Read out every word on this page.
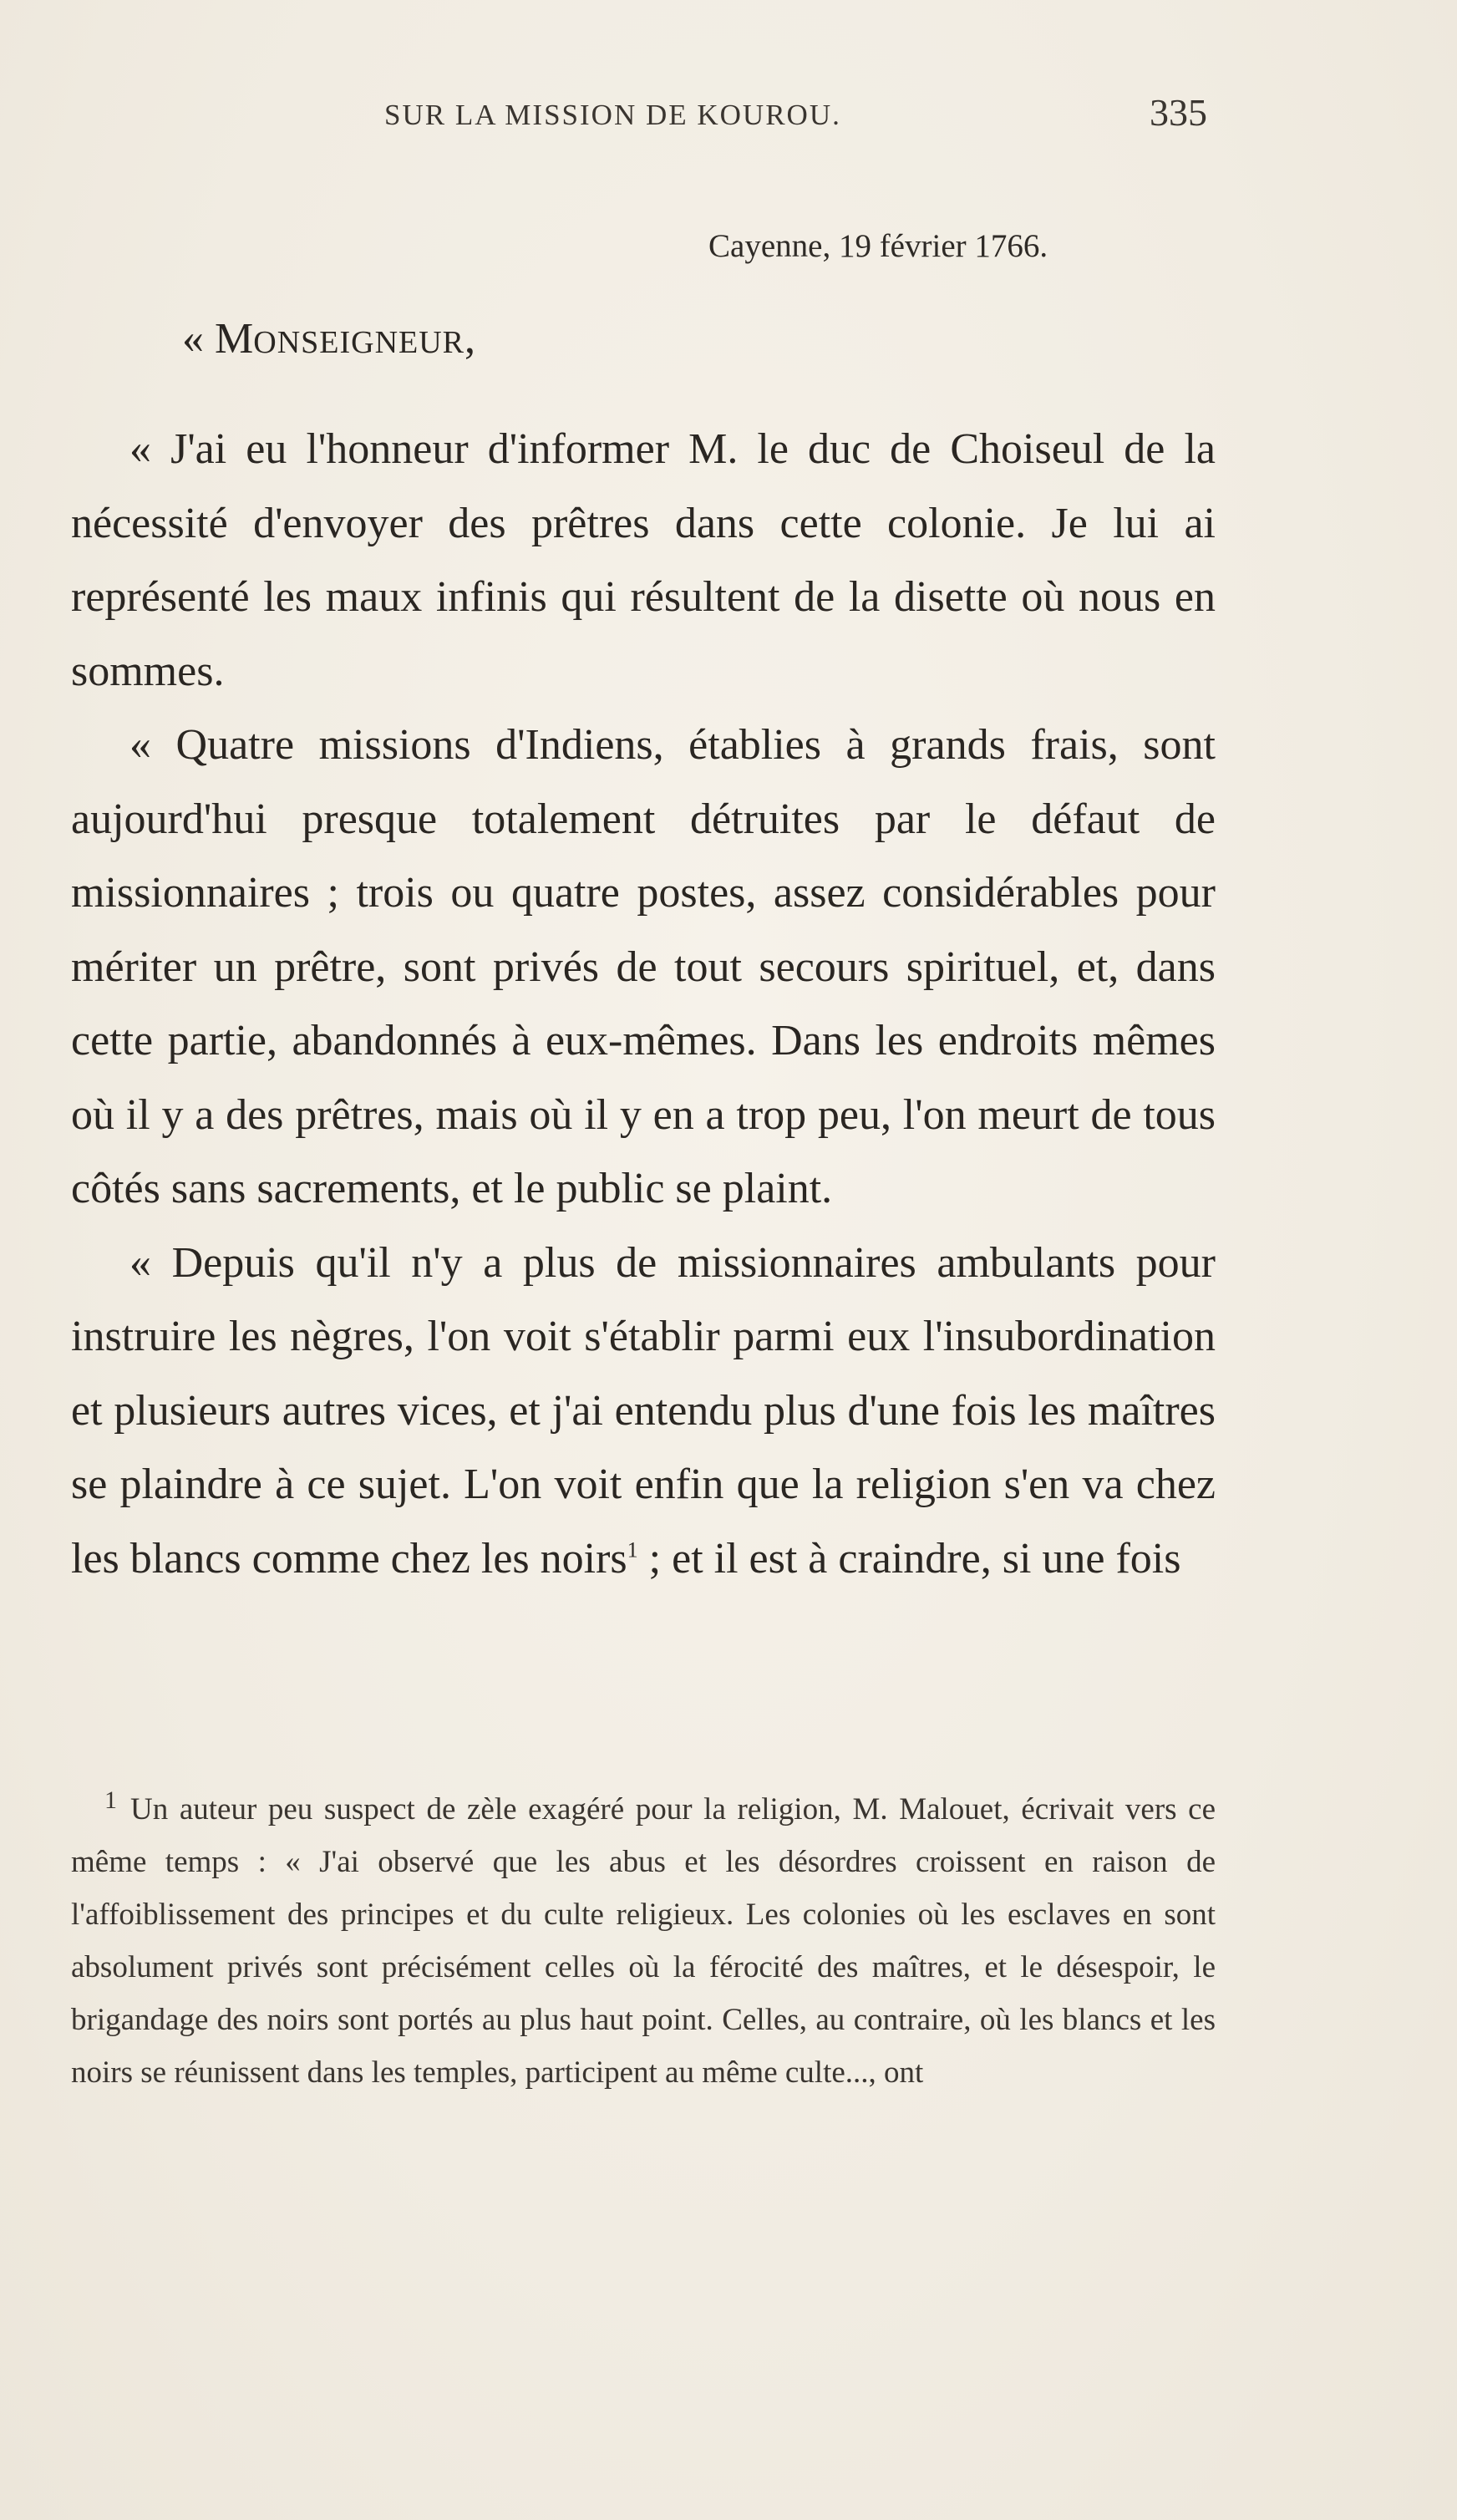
SUR LA MISSION DE KOUROU.	335
Cayenne, 19 février 1766.
« MONSEIGNEUR,

« J'ai eu l'honneur d'informer M. le duc de Choiseul de la nécessité d'envoyer des prêtres dans cette colonie. Je lui ai représenté les maux infinis qui résultent de la disette où nous en sommes.

« Quatre missions d'Indiens, établies à grands frais, sont aujourd'hui presque totalement détruites par le défaut de missionnaires ; trois ou quatre postes, assez considérables pour mériter un prêtre, sont privés de tout secours spirituel, et, dans cette partie, abandonnés à eux-mêmes. Dans les endroits mêmes où il y a des prêtres, mais où il y en a trop peu, l'on meurt de tous côtés sans sacrements, et le public se plaint.

« Depuis qu'il n'y a plus de missionnaires ambulants pour instruire les nègres, l'on voit s'établir parmi eux l'insubordination et plusieurs autres vices, et j'ai entendu plus d'une fois les maîtres se plaindre à ce sujet. L'on voit enfin que la religion s'en va chez les blancs comme chez les noirs$^1$ ; et il est à craindre, si une fois

$^1$ Un auteur peu suspect de zèle exagéré pour la religion, M. Malouet, écrivait vers ce même temps : « J'ai observé que les abus et les désordres croissent en raison de l'affoiblissement des principes et du culte religieux. Les colonies où les esclaves en sont absolument privés sont précisément celles où la férocité des maîtres, et le désespoir, le brigandage des noirs sont portés au plus haut point. Celles, au contraire, où les blancs et les noirs se réunissent dans les temples, participent au même culte..., ont
